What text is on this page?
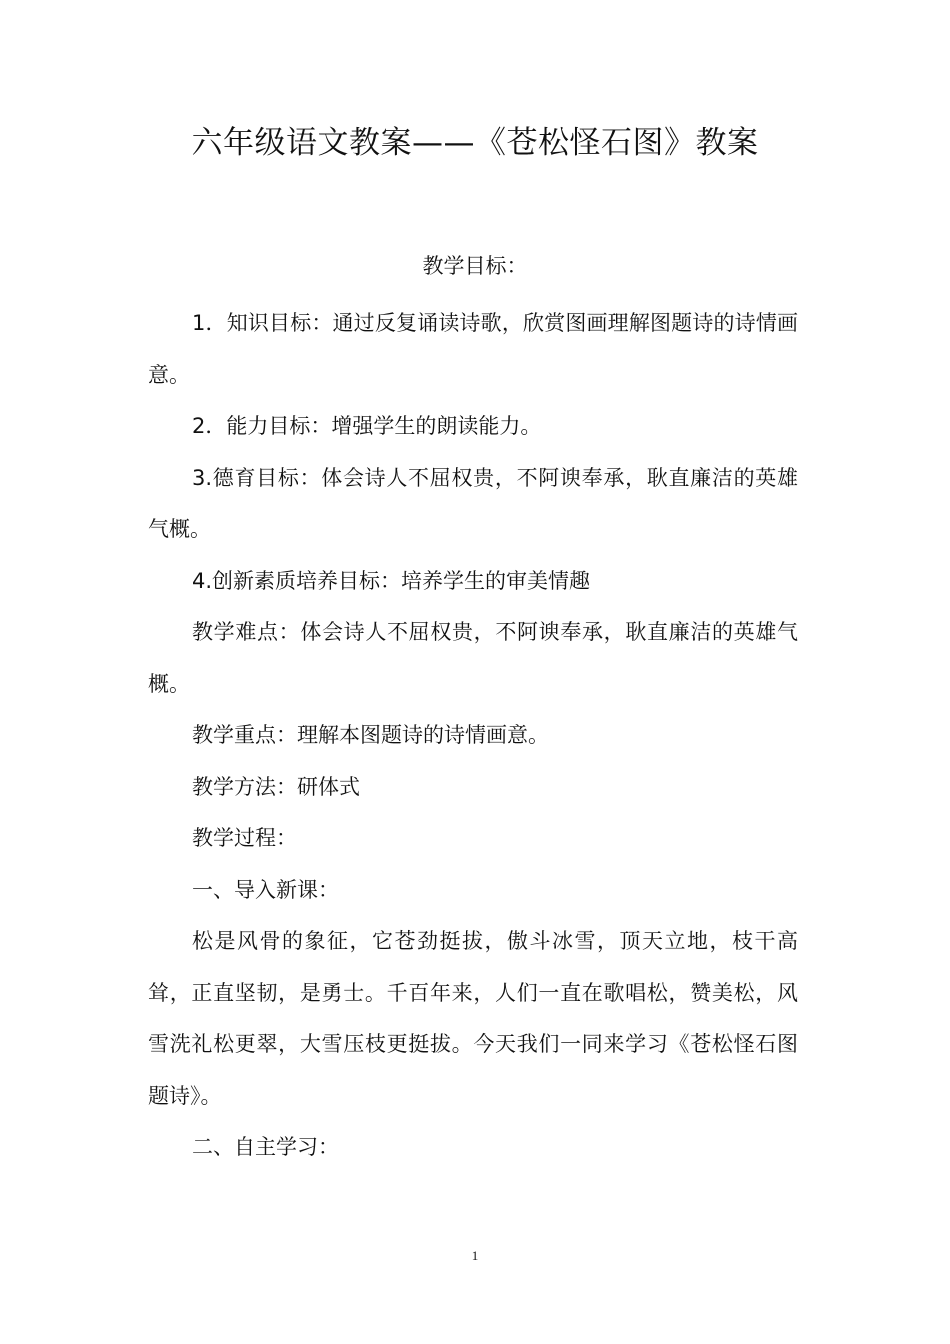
六年级语文教案——《苍松怪石图》教案
教学目标：

1．知识目标：通过反复诵读诗歌，欣赏图画理解图题诗的诗情画意。

2．能力目标：增强学生的朗读能力。

3.德育目标：体会诗人不屈权贵，不阿谀奉承，耿直廉洁的英雄气概。

4.创新素质培养目标：培养学生的审美情趣

教学难点：体会诗人不屈权贵，不阿谀奉承，耿直廉洁的英雄气概。

教学重点：理解本图题诗的诗情画意。

教学方法：研体式

教学过程：

一、导入新课：

松是风骨的象征，它苍劲挺拔，傲斗冰雪，顶天立地，枝干高耸，正直坚韧，是勇士。千百年来，人们一直在歌唱松，赞美松，风雪洗礼松更翠，大雪压枝更挺拔。今天我们一同来学习《苍松怪石图题诗》。

二、自主学习：

1
